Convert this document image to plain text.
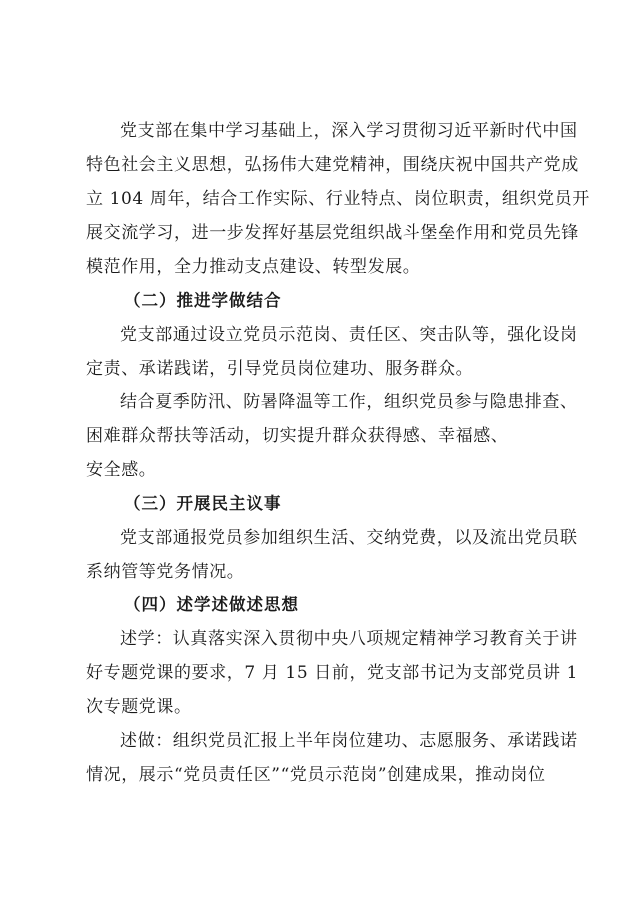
党支部在集中学习基础上，深入学习贯彻习近平新时代中国
特色社会主义思想，弘扬伟大建党精神，围绕庆祝中国共产党成
立 104 周年，结合工作实际、行业特点、岗位职责，组织党员开
展交流学习，进一步发挥好基层党组织战斗堡垒作用和党员先锋
模范作用，全力推动支点建设、转型发展。
（二）推进学做结合
党支部通过设立党员示范岗、责任区、突击队等，强化设岗
定责、承诺践诺，引导党员岗位建功、服务群众。
结合夏季防汛、防暑降温等工作，组织党员参与隐患排查、
困难群众帮扶等活动，切实提升群众获得感、幸福感、
安全感。
（三）开展民主议事
党支部通报党员参加组织生活、交纳党费，以及流出党员联
系纳管等党务情况。
（四）述学述做述思想
述学：认真落实深入贯彻中央八项规定精神学习教育关于讲
好专题党课的要求，7 月 15 日前，党支部书记为支部党员讲 1
次专题党课。
述做：组织党员汇报上半年岗位建功、志愿服务、承诺践诺
情况，展示“党员责任区”“党员示范岗”创建成果，推动岗位
